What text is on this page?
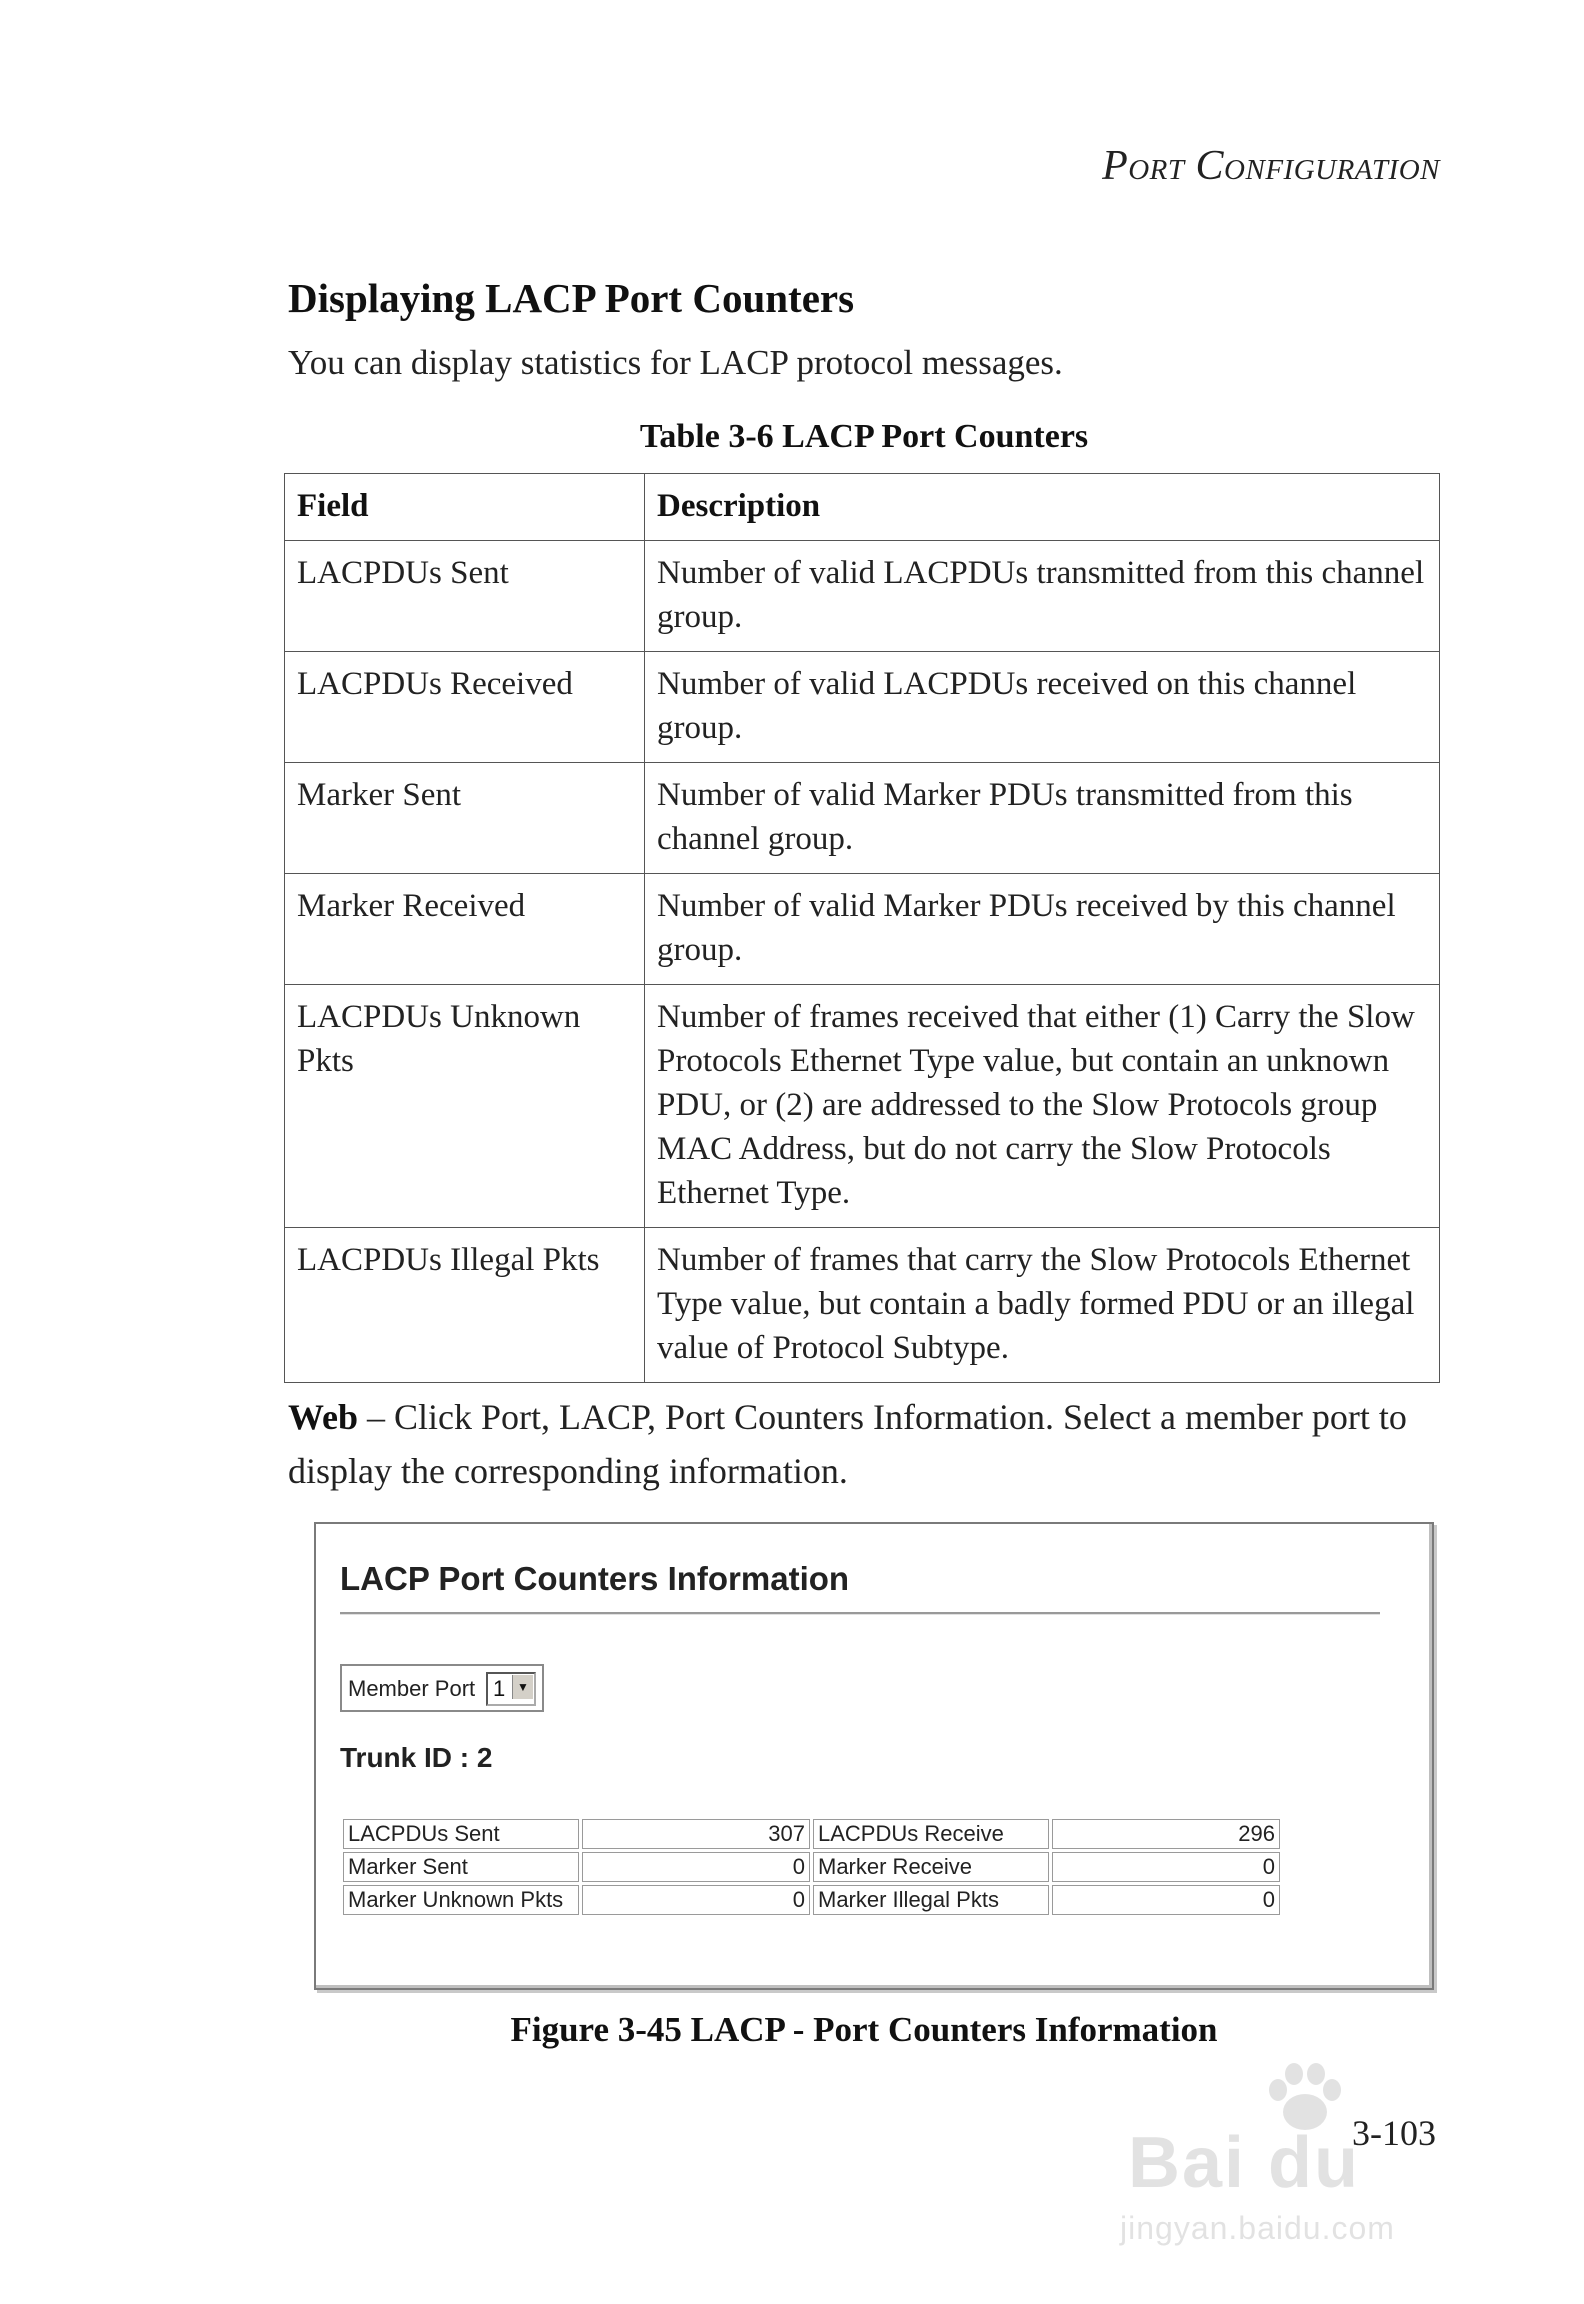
Port Configuration
Displaying LACP Port Counters
You can display statistics for LACP protocol messages.
Table 3-6 LACP Port Counters
Field	Description
LACPDUs Sent	Number of valid LACPDUs transmitted from this channel group.
LACPDUs Received	Number of valid LACPDUs received on this channel group.
Marker Sent	Number of valid Marker PDUs transmitted from this channel group.
Marker Received	Number of valid Marker PDUs received by this channel group.
LACPDUs Unknown Pkts	Number of frames received that either (1) Carry the Slow Protocols Ethernet Type value, but contain an unknown PDU, or (2) are addressed to the Slow Protocols group MAC Address, but do not carry the Slow Protocols Ethernet Type.
LACPDUs Illegal Pkts	Number of frames that carry the Slow Protocols Ethernet Type value, but contain a badly formed PDU or an illegal value of Protocol Subtype.
Web – Click Port, LACP, Port Counters Information. Select a member port to display the corresponding information.
LACP Port Counters Information
Member Port 1 ▼
Trunk ID : 2
LACPDUs Sent	307	LACPDUs Receive	296
Marker Sent	0	Marker Receive	0
Marker Unknown Pkts	0	Marker Illegal Pkts	0
Figure 3-45 LACP - Port Counters Information
Bai du
jingyan.baidu.com
3-103
